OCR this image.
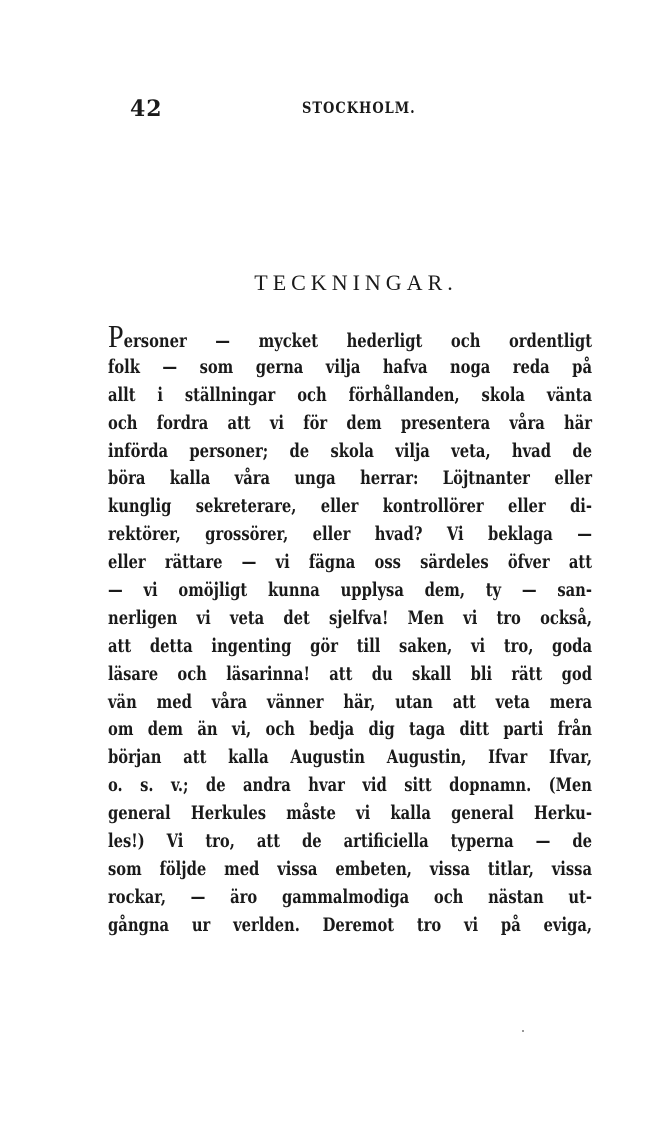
42	STOCKHOLM.
TECKNINGAR.
Personer — mycket hederligt och ordentligt
folk — som gerna vilja hafva noga reda på
allt i ställningar och förhållanden, skola vänta
och fordra att vi för dem presentera våra här
införda personer; de skola vilja veta, hvad de
böra kalla våra unga herrar: Löjtnanter eller
kunglig sekreterare, eller kontrollörer eller di-
rektörer, grossörer, eller hvad? Vi beklaga —
eller rättare — vi fägna oss särdeles öfver att
— vi omöjligt kunna upplysa dem, ty — san-
nerligen vi veta det sjelfva! Men vi tro också,
att detta ingenting gör till saken, vi tro, goda
läsare och läsarinna! att du skall bli rätt god
vän med våra vänner här, utan att veta mera
om dem än vi, och bedja dig taga ditt parti från
början att kalla Augustin Augustin, Ifvar Ifvar,
o. s. v.; de andra hvar vid sitt dopnamn. (Men
general Herkules måste vi kalla general Herku-
les!) Vi tro, att de artificiella typerna — de
som följde med vissa embeten, vissa titlar, vissa
rockar, — äro gammalmodiga och nästan ut-
gångna ur verlden. Deremot tro vi på eviga,
